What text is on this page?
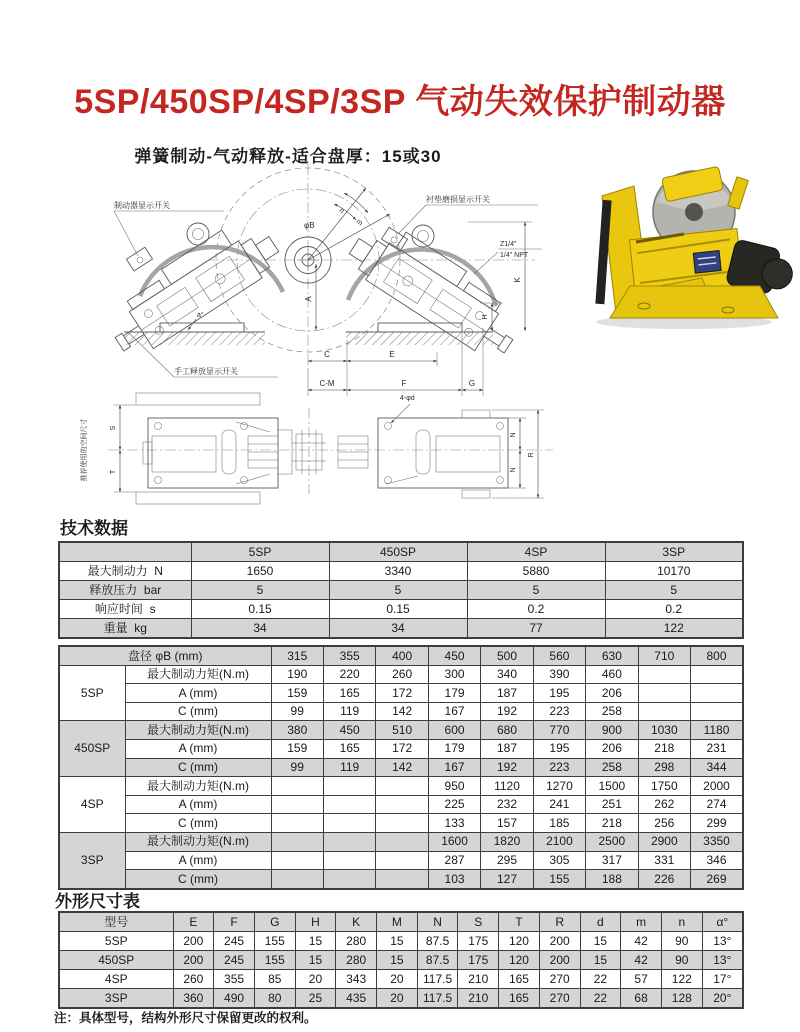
5SP/450SP/4SP/3SP 气动失效保护制动器
弹簧制动-气动释放-适合盘厚：15或30
φB
n
m
A
a°
C	E
C-M	F	G
H
K
Z1/4"
1/4" NPT
制动器显示开关
衬垫磨损显示开关
手工释放显示开关
4-φd
S
T
推荐使用的空间尺寸	N
N
R
技术数据
	5SP	450SP	4SP	3SP
最大制动力  N	1650	3340	5880	10170
释放压力  bar	5	5	5	5
响应时间  s	0.15	0.15	0.2	0.2
重量  kg	34	34	77	122
盘径 φB (mm)		315	355	400	450	500	560	630	710	800
5SP	最大制动力矩(N.m)	190	220	260	300	340	390	460		
	A (mm)	159	165	172	179	187	195	206		
	C (mm)	99	119	142	167	192	223	258		
450SP	最大制动力矩(N.m)	380	450	510	600	680	770	900	1030	1180
	A (mm)	159	165	172	179	187	195	206	218	231
	C (mm)	99	119	142	167	192	223	258	298	344
4SP	最大制动力矩(N.m)				950	1120	1270	1500	1750	2000
	A (mm)				225	232	241	251	262	274
	C (mm)				133	157	185	218	256	299
3SP	最大制动力矩(N.m)				1600	1820	2100	2500	2900	3350
	A (mm)				287	295	305	317	331	346
	C (mm)				103	127	155	188	226	269
外形尺寸表
型号	E	F	G	H	K	M	N	S	T	R	d	m	n	α°
5SP	200	245	155	15	280	15	87.5	175	120	200	15	42	90	13°
450SP	200	245	155	15	280	15	87.5	175	120	200	15	42	90	13°
4SP	260	355	85	20	343	20	117.5	210	165	270	22	57	122	17°
3SP	360	490	80	25	435	20	117.5	210	165	270	22	68	128	20°
注：具体型号，结构外形尺寸保留更改的权利。
